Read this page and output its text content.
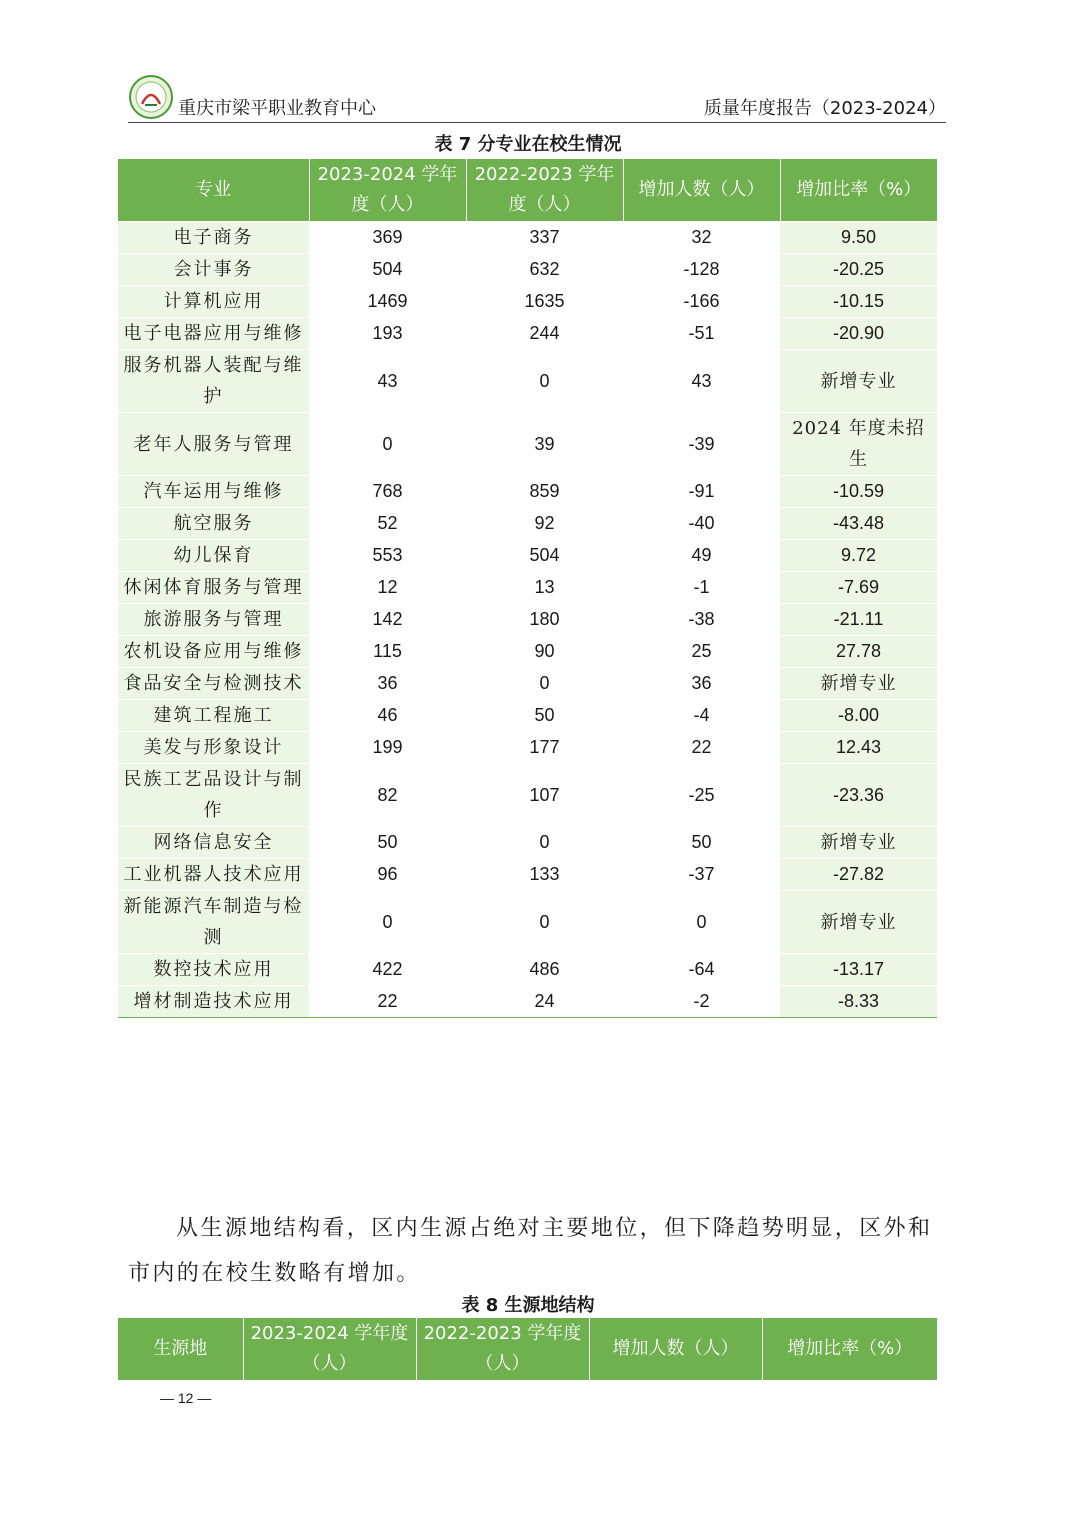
重庆市梁平职业教育中心	质量年度报告（2023-2024）
表 7 分专业在校生情况
专业	2023-2024 学年度（人）	2022-2023 学年度（人）	增加人数（人）	增加比率（%）
电子商务	369	337	32	9.50
会计事务	504	632	-128	-20.25
计算机应用	1469	1635	-166	-10.15
电子电器应用与维修	193	244	-51	-20.90
服务机器人装配与维护	43	0	43	新增专业
老年人服务与管理	0	39	-39	2024 年度未招生
汽车运用与维修	768	859	-91	-10.59
航空服务	52	92	-40	-43.48
幼儿保育	553	504	49	9.72
休闲体育服务与管理	12	13	-1	-7.69
旅游服务与管理	142	180	-38	-21.11
农机设备应用与维修	115	90	25	27.78
食品安全与检测技术	36	0	36	新增专业
建筑工程施工	46	50	-4	-8.00
美发与形象设计	199	177	22	12.43
民族工艺品设计与制作	82	107	-25	-23.36
网络信息安全	50	0	50	新增专业
工业机器人技术应用	96	133	-37	-27.82
新能源汽车制造与检测	0	0	0	新增专业
数控技术应用	422	486	-64	-13.17
增材制造技术应用	22	24	-2	-8.33
从生源地结构看，区内生源占绝对主要地位，但下降趋势明显，区外和市内的在校生数略有增加。
表 8 生源地结构
生源地	2023-2024 学年度（人）	2022-2023 学年度（人）	增加人数（人）	增加比率（%）
— 12 —
